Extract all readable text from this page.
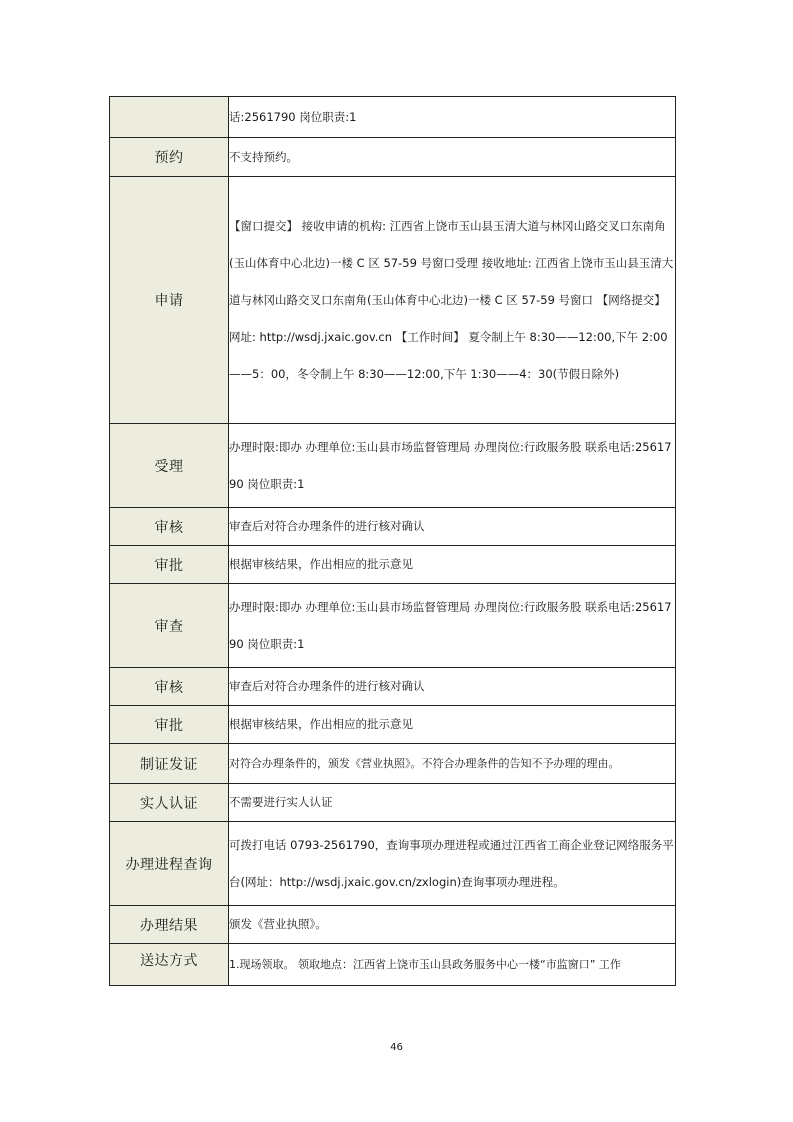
	话:2561790 岗位职责:1
预约	不支持预约。
申请	【窗口提交】 接收申请的机构: 江西省上饶市玉山县玉清大道与林冈山路交叉口东南角(玉山体育中心北边)一楼 C 区 57-59 号窗口受理 接收地址: 江西省上饶市玉山县玉清大道与林冈山路交叉口东南角(玉山体育中心北边)一楼 C 区 57-59 号窗口 【网络提交】 网址: http://wsdj.jxaic.gov.cn 【工作时间】 夏令制上午 8:30——12:00,下午 2:00——5：00，冬令制上午 8:30——12:00,下午 1:30——4：30(节假日除外)
受理	办理时限:即办 办理单位:玉山县市场监督管理局 办理岗位:行政服务股 联系电话:2561790 岗位职责:1
审核	审查后对符合办理条件的进行核对确认
审批	根据审核结果，作出相应的批示意见
审查	办理时限:即办 办理单位:玉山县市场监督管理局 办理岗位:行政服务股 联系电话:2561790 岗位职责:1
审核	审查后对符合办理条件的进行核对确认
审批	根据审核结果，作出相应的批示意见
制证发证	对符合办理条件的，颁发《营业执照》。不符合办理条件的告知不予办理的理由。
实人认证	不需要进行实人认证
办理进程查询	可拨打电话 0793-2561790，查询事项办理进程或通过江西省工商企业登记网络服务平台(网址：http://wsdj.jxaic.gov.cn/zxlogin)查询事项办理进程。
办理结果	颁发《营业执照》。
送达方式	1.现场领取。 领取地点：江西省上饶市玉山县政务服务中心一楼“市监窗口” 工作
46
